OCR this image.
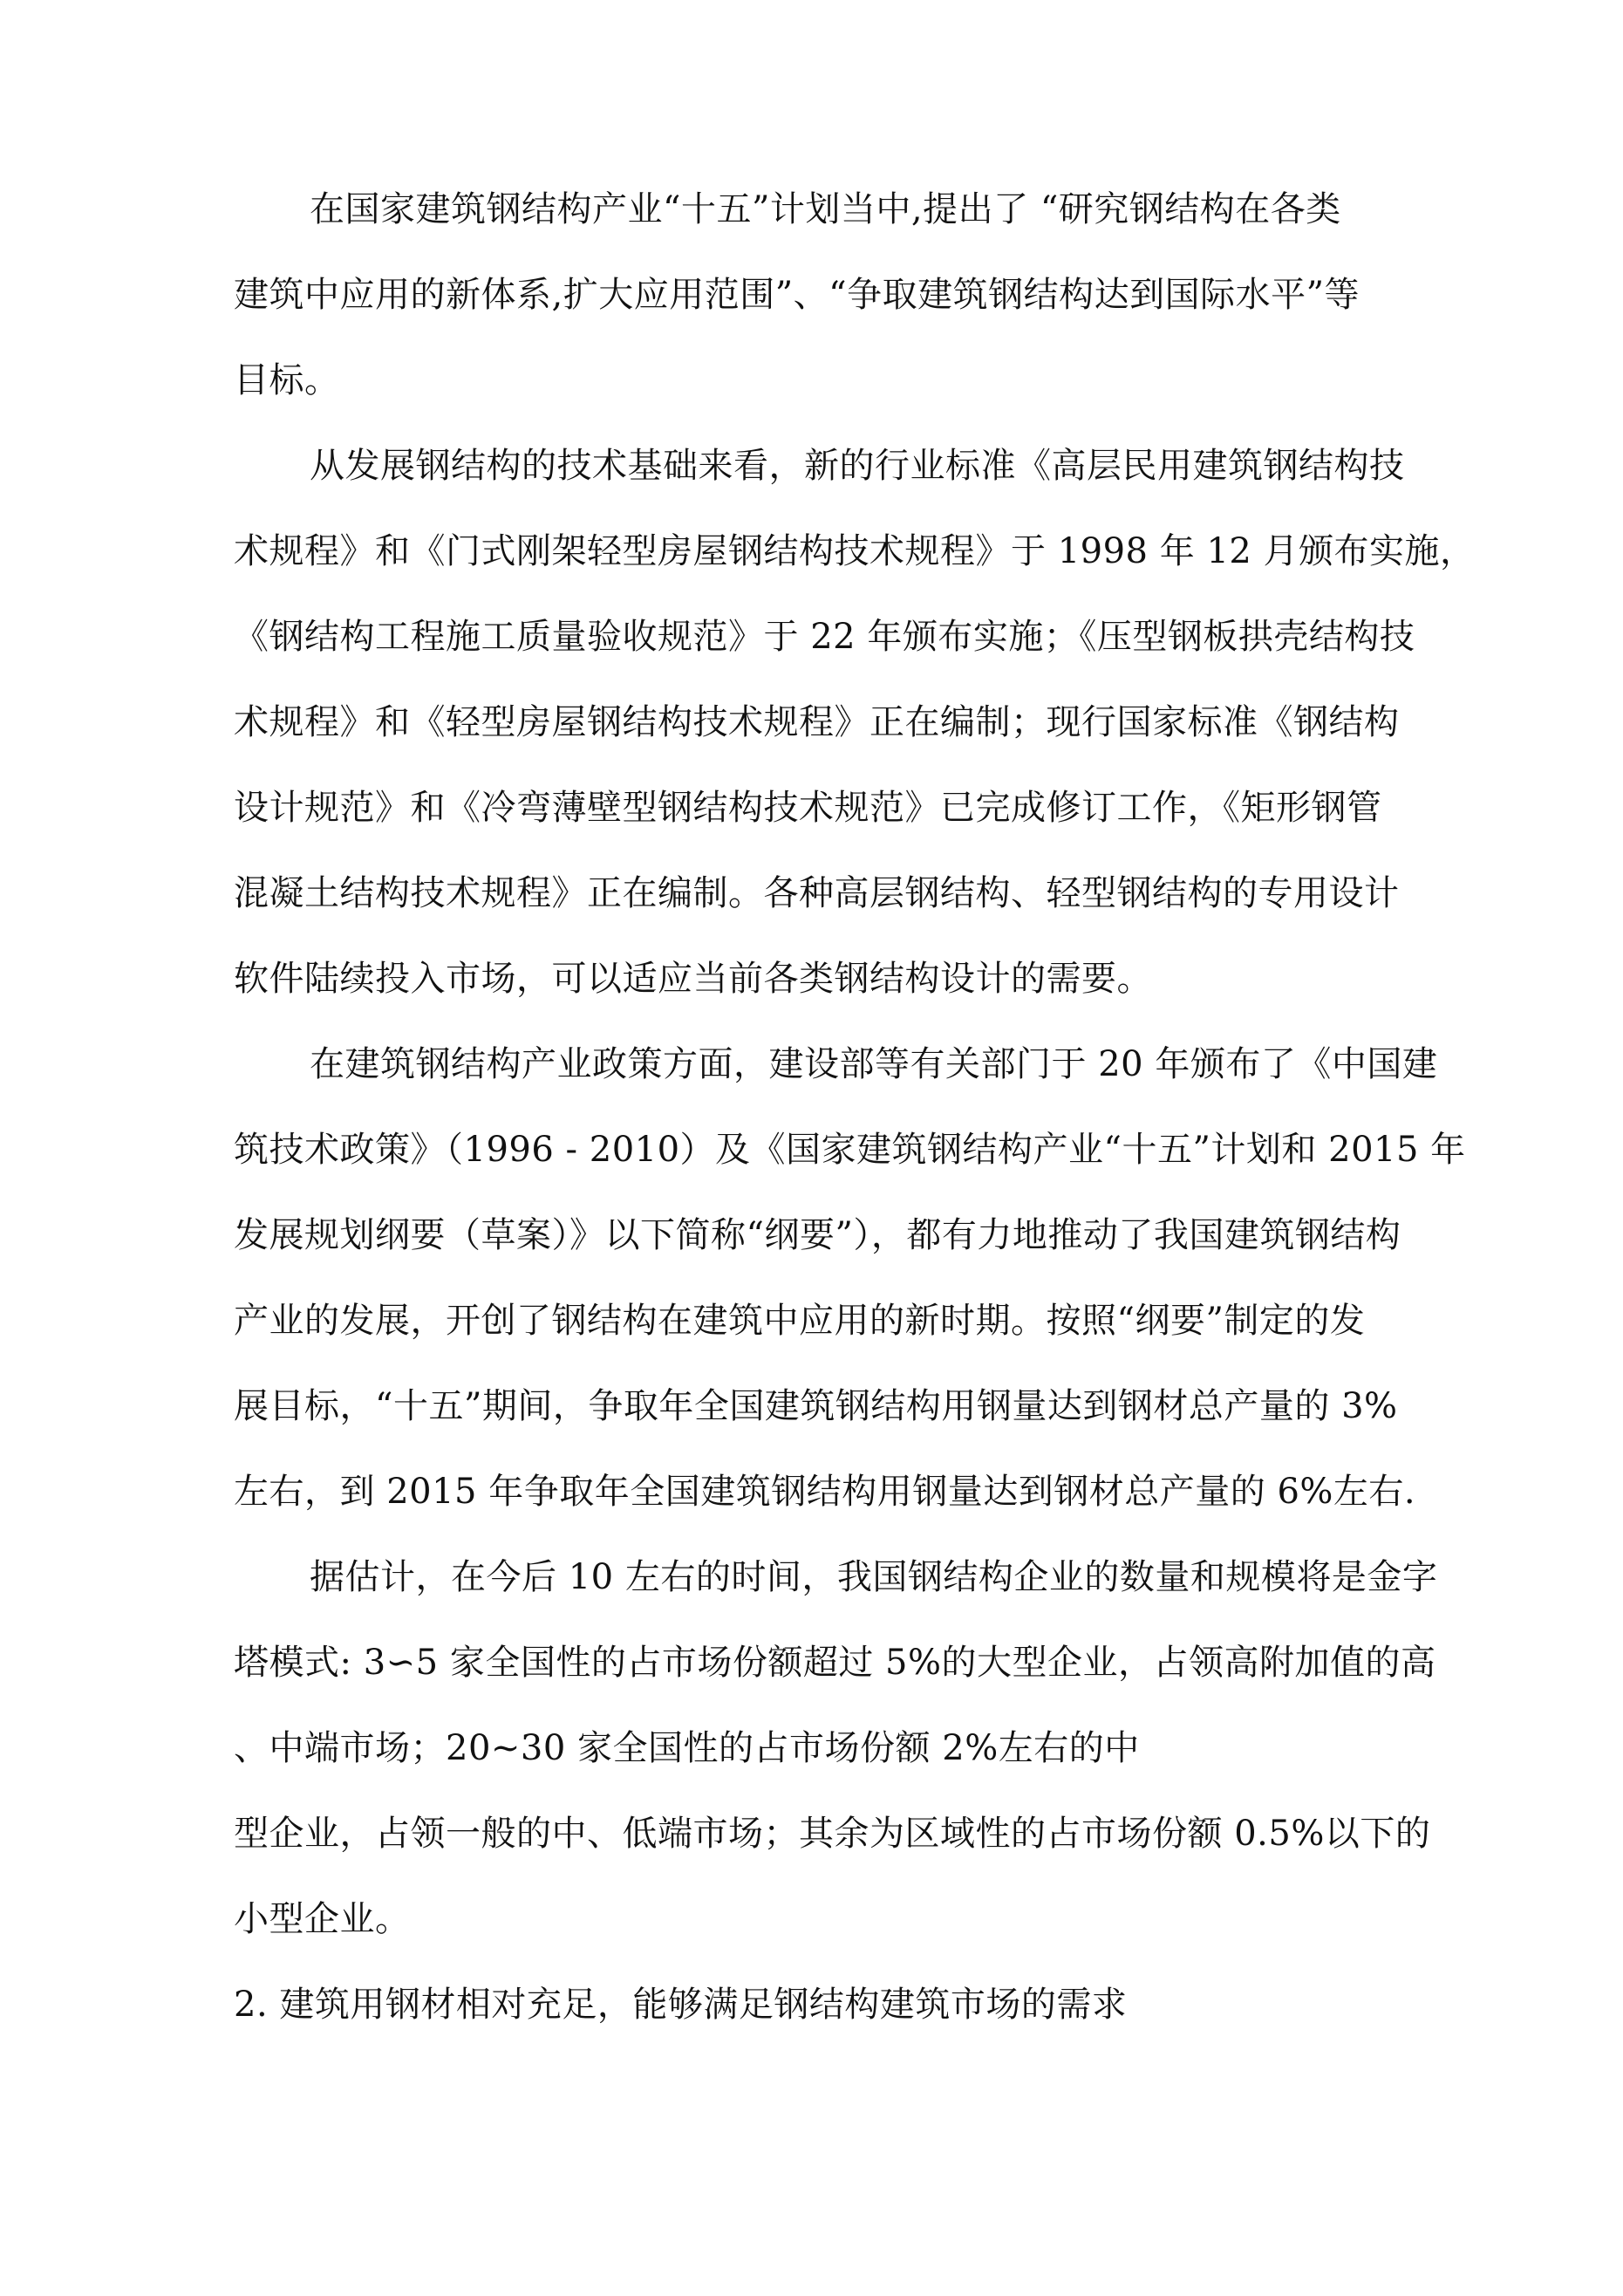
在国家建筑钢结构产业“十五”计划当中,提出了 “研究钢结构在各类
建筑中应用的新体系,扩大应用范围”、“争取建筑钢结构达到国际水平”等
目标。
从发展钢结构的技术基础来看，新的行业标准《高层民用建筑钢结构技
术规程》和《门式刚架轻型房屋钢结构技术规程》于 1998 年 12 月颁布实施，
《钢结构工程施工质量验收规范》于 22 年颁布实施；《压型钢板拱壳结构技
术规程》和《轻型房屋钢结构技术规程》正在编制；现行国家标准《钢结构
设计规范》和《冷弯薄壁型钢结构技术规范》已完成修订工作，《矩形钢管
混凝土结构技术规程》正在编制。各种高层钢结构、轻型钢结构的专用设计
软件陆续投入市场，可以适应当前各类钢结构设计的需要。
在建筑钢结构产业政策方面，建设部等有关部门于 20 年颁布了《中国建
筑技术政策》（1996 - 2010）及《国家建筑钢结构产业“十五”计划和 2015 年
发展规划纲要（草案）》以下简称“纲要”），都有力地推动了我国建筑钢结构
产业的发展，开创了钢结构在建筑中应用的新时期。按照“纲要”制定的发
展目标，“十五”期间，争取年全国建筑钢结构用钢量达到钢材总产量的 3%
左右，到 2015 年争取年全国建筑钢结构用钢量达到钢材总产量的 6%左右.
据估计，在今后 10 左右的时间，我国钢结构企业的数量和规模将是金字
塔模式: 3∽5 家全国性的占市场份额超过 5%的大型企业，占领高附加值的高
、中端市场；20~30 家全国性的占市场份额 2%左右的中
型企业，占领一般的中、低端市场；其余为区域性的占市场份额 0.5%以下的
小型企业。
2. 建筑用钢材相对充足，能够满足钢结构建筑市场的需求
